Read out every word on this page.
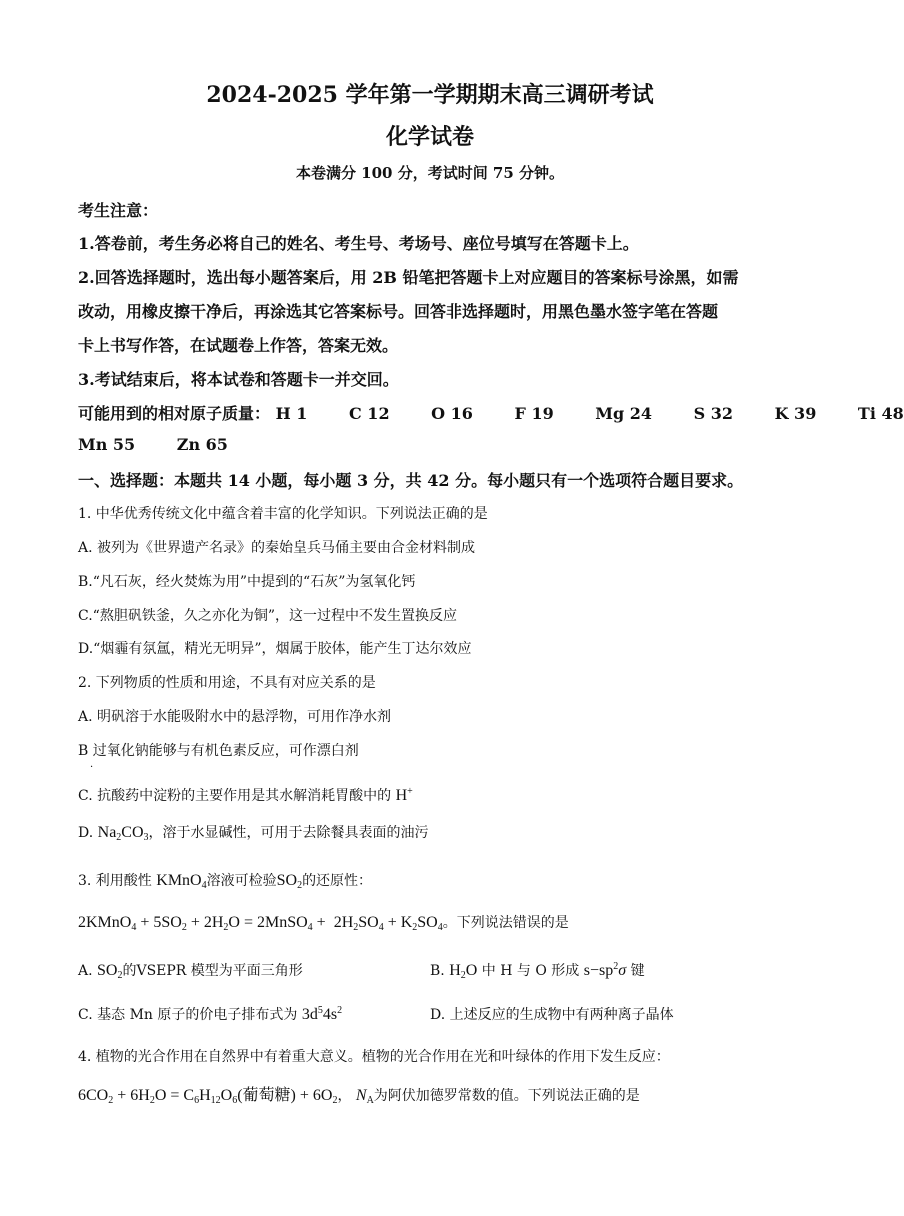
2024-2025 学年第一学期期末高三调研考试
化学试卷
本卷满分 100 分，考试时间 75 分钟。
考生注意：
1.答卷前，考生务必将自己的姓名、考生号、考场号、座位号填写在答题卡上。
2.回答选择题时，选出每小题答案后，用 2B 铅笔把答题卡上对应题目的答案标号涂黑，如需
改动，用橡皮擦干净后，再涂选其它答案标号。回答非选择题时，用黑色墨水签字笔在答题
卡上书写作答，在试题卷上作答，答案无效。
3.考试结束后，将本试卷和答题卡一并交回。
可能用到的相对原子质量： H 1	C 12	O 16	F 19	Mg 24	S 32	K 39	Ti 48
Mn 55	Zn 65
一、选择题：本题共 14 小题，每小题 3 分，共 42 分。每小题只有一个选项符合题目要求。
1. 中华优秀传统文化中蕴含着丰富的化学知识。下列说法正确的是
A. 被列为《世界遗产名录》的秦始皇兵马俑主要由合金材料制成
B.“凡石灰，经火焚炼为用”中提到的“石灰”为氢氧化钙
C.“熬胆矾铁釜，久之亦化为铜”，这一过程中不发生置换反应
D.“烟霾有氛氲，精光无明异”，烟属于胶体，能产生丁达尔效应
2. 下列物质的性质和用途，不具有对应关系的是
A. 明矾溶于水能吸附水中的悬浮物，可用作净水剂
B 过氧化钠能够与有机色素反应，可作漂白剂
·
C. 抗酸药中淀粉的主要作用是其水解消耗胃酸中的 H+
D. $Na_2CO_3$，溶于水显碱性，可用于去除餐具表面的油污
3. 利用酸性 KMnO$_4$溶液可检验$SO_2$的还原性：
2KMnO$_4$ + $5SO_2 + 2H_2O$ = 2MnSO$_4$ +  $2H_2SO_4 + K_2SO_4$。下列说法错误的是
A. $SO_2$的VSEPR 模型为平面三角形	B. $H_2O$ 中 H 与 O 形成 $s-sp^2\sigma$ 键
C. 基态 Mn 原子的价电子排布式为 $3d^54s^2$	D. 上述反应的生成物中有两种离子晶体
4. 植物的光合作用在自然界中有着重大意义。植物的光合作用在光和叶绿体的作用下发生反应：
$6CO_2 + 6H_2O = C_6H_{12}O_6$(葡萄糖) + $6O_2$， $N_A$为阿伏加德罗常数的值。下列说法正确的是
